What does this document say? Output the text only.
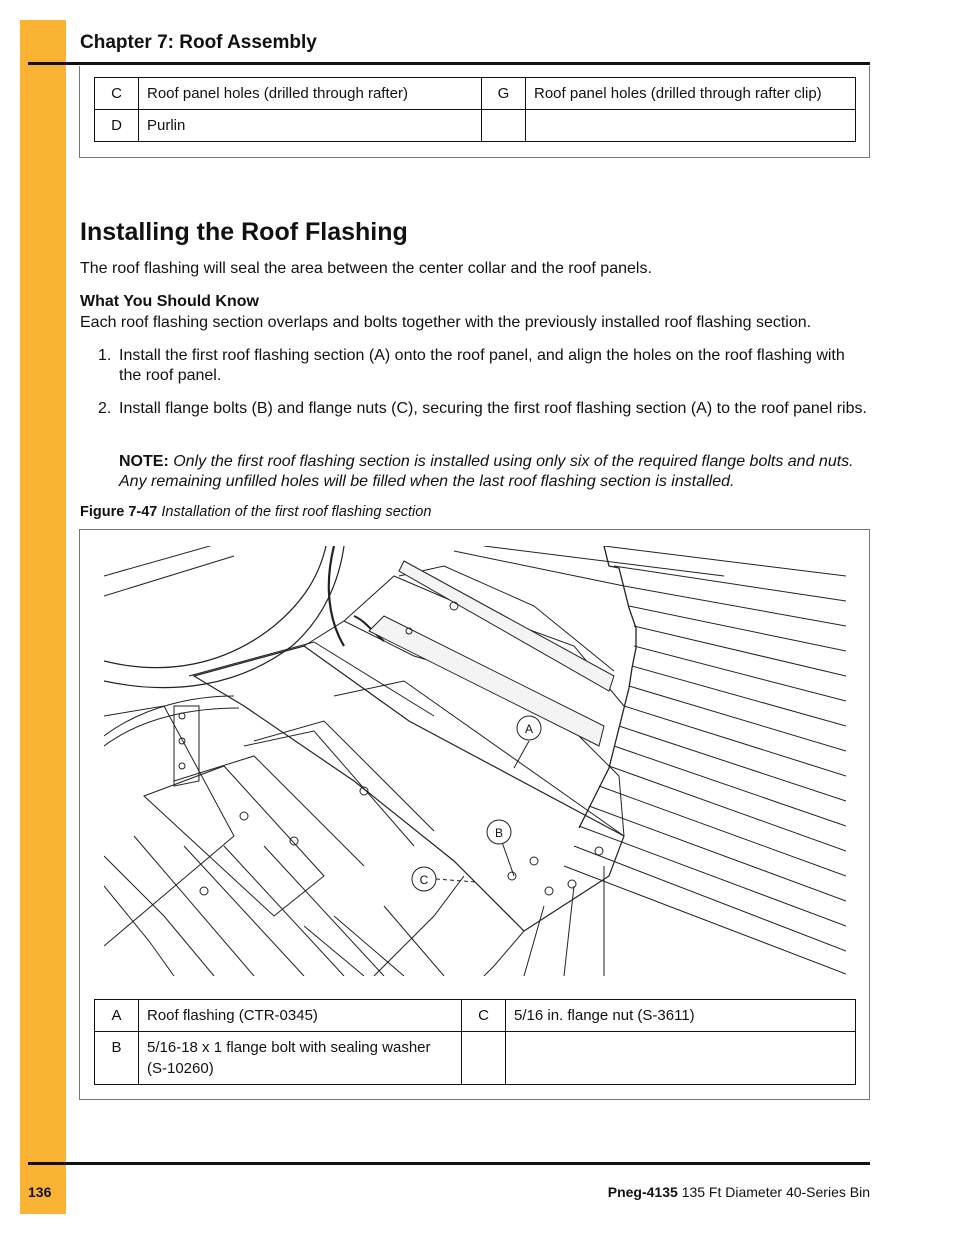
Chapter 7: Roof Assembly
C	Roof panel holes (drilled through rafter)	G	Roof panel holes (drilled through rafter clip)
D	Purlin		
Installing the Roof Flashing
The roof flashing will seal the area between the center collar and the roof panels.
What You Should Know
Each roof flashing section overlaps and bolts together with the previously installed roof flashing section.
1. Install the first roof flashing section (A) onto the roof panel, and align the holes on the roof flashing with the roof panel.
2. Install flange bolts (B) and flange nuts (C), securing the first roof flashing section (A) to the roof panel ribs.
NOTE: Only the first roof flashing section is installed using only six of the required flange bolts and nuts. Any remaining unfilled holes will be filled when the last roof flashing section is installed.
Figure 7-47 Installation of the first roof flashing section
A
B
C
A	Roof flashing (CTR-0345)	C	5/16 in. flange nut (S-3611)
B	5/16-18 x 1 flange bolt with sealing washer (S-10260)		
136	Pneg-4135 135 Ft Diameter 40-Series Bin
